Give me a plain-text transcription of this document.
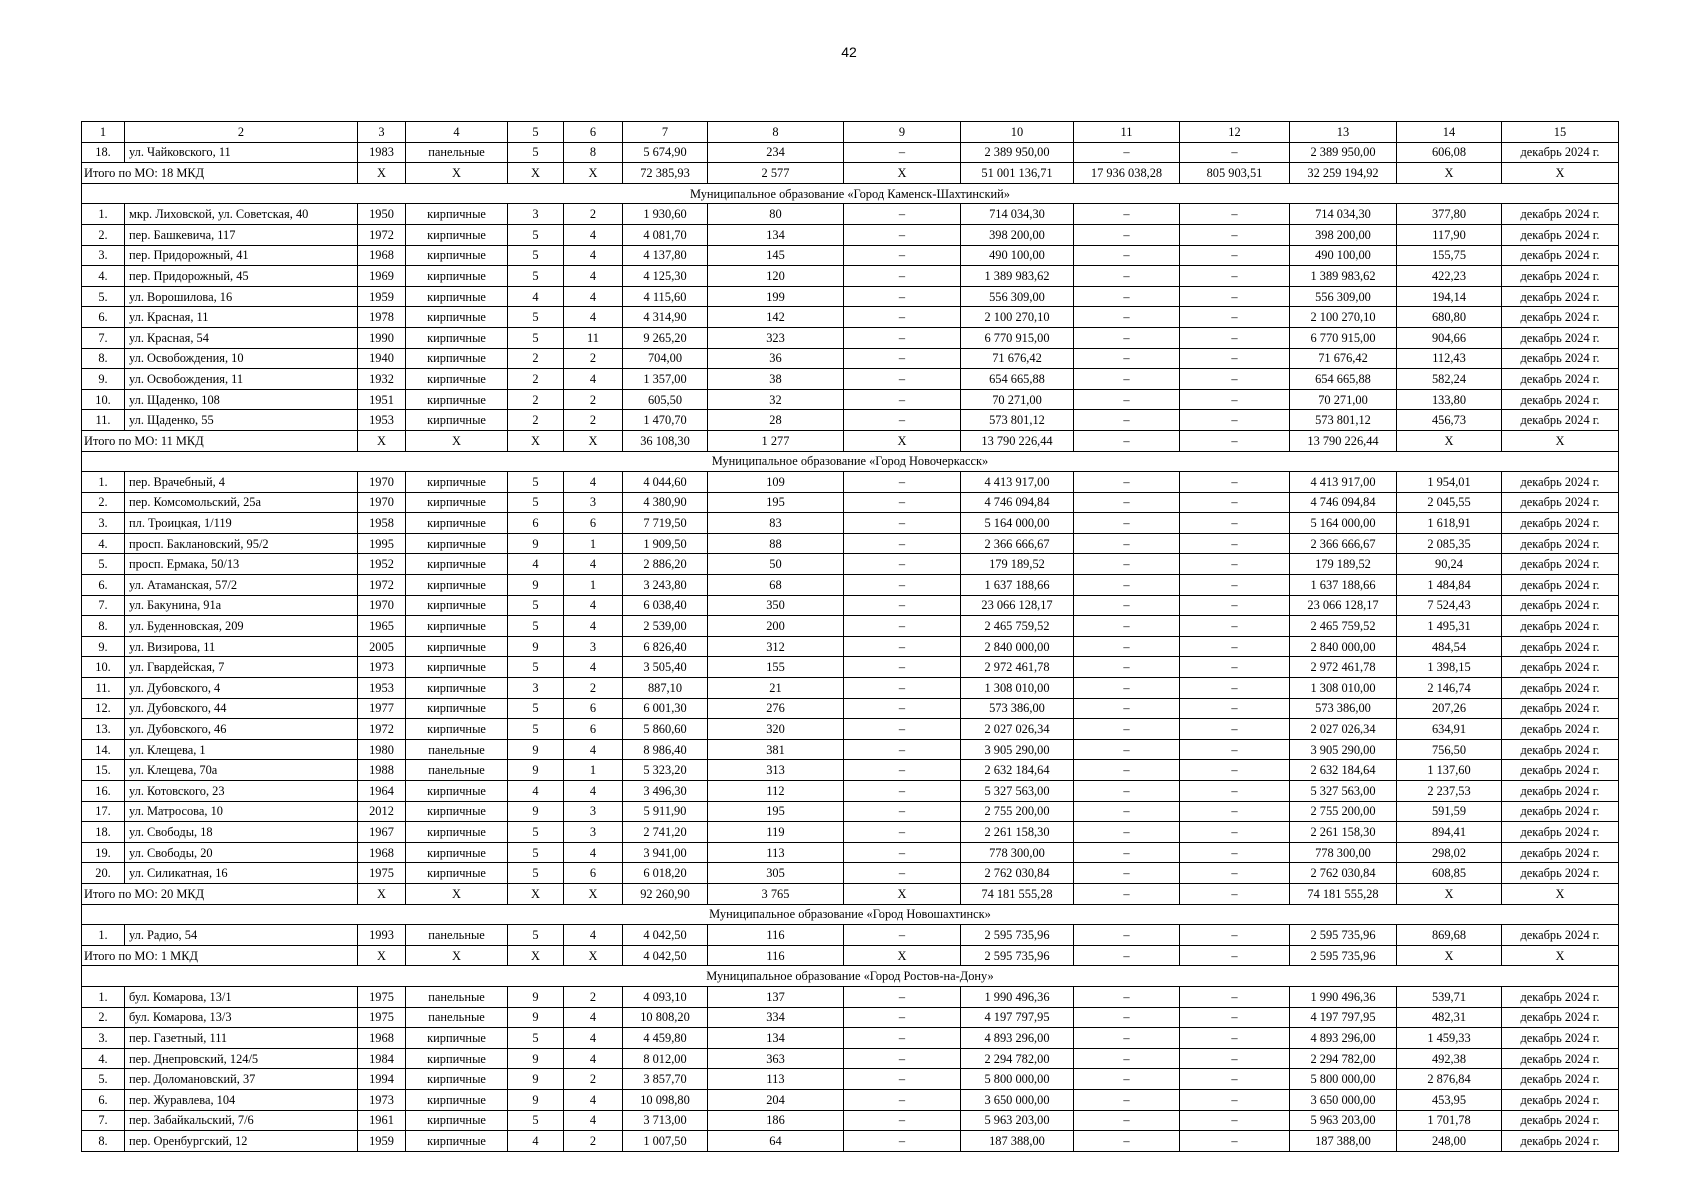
42
1	2	3	4	5	6	7	8	9	10	11	12	13	14	15
18.	ул. Чайковского, 11	1983	панельные	5	8	5 674,90	234	–	2 389 950,00	–	–	2 389 950,00	606,08	декабрь 2024 г.
Итого по МО: 18 МКД		X	X	X	X	72 385,93	2 577	X	51 001 136,71	17 936 038,28	805 903,51	32 259 194,92	X	X
Муниципальное образование «Город Каменск-Шахтинский»														
1.	мкр. Лиховской, ул. Советская, 40	1950	кирпичные	3	2	1 930,60	80	–	714 034,30	–	–	714 034,30	377,80	декабрь 2024 г.
2.	пер. Башкевича, 117	1972	кирпичные	5	4	4 081,70	134	–	398 200,00	–	–	398 200,00	117,90	декабрь 2024 г.
3.	пер. Придорожный, 41	1968	кирпичные	5	4	4 137,80	145	–	490 100,00	–	–	490 100,00	155,75	декабрь 2024 г.
4.	пер. Придорожный, 45	1969	кирпичные	5	4	4 125,30	120	–	1 389 983,62	–	–	1 389 983,62	422,23	декабрь 2024 г.
5.	ул. Ворошилова, 16	1959	кирпичные	4	4	4 115,60	199	–	556 309,00	–	–	556 309,00	194,14	декабрь 2024 г.
6.	ул. Красная, 11	1978	кирпичные	5	4	4 314,90	142	–	2 100 270,10	–	–	2 100 270,10	680,80	декабрь 2024 г.
7.	ул. Красная, 54	1990	кирпичные	5	11	9 265,20	323	–	6 770 915,00	–	–	6 770 915,00	904,66	декабрь 2024 г.
8.	ул. Освобождения, 10	1940	кирпичные	2	2	704,00	36	–	71 676,42	–	–	71 676,42	112,43	декабрь 2024 г.
9.	ул. Освобождения, 11	1932	кирпичные	2	4	1 357,00	38	–	654 665,88	–	–	654 665,88	582,24	декабрь 2024 г.
10.	ул. Щаденко, 108	1951	кирпичные	2	2	605,50	32	–	70 271,00	–	–	70 271,00	133,80	декабрь 2024 г.
11.	ул. Щаденко, 55	1953	кирпичные	2	2	1 470,70	28	–	573 801,12	–	–	573 801,12	456,73	декабрь 2024 г.
Итого по МО: 11 МКД		X	X	X	X	36 108,30	1 277	X	13 790 226,44	–	–	13 790 226,44	X	X
Муниципальное образование «Город Новочеркасск»														
1.	пер. Врачебный, 4	1970	кирпичные	5	4	4 044,60	109	–	4 413 917,00	–	–	4 413 917,00	1 954,01	декабрь 2024 г.
2.	пер. Комсомольский, 25а	1970	кирпичные	5	3	4 380,90	195	–	4 746 094,84	–	–	4 746 094,84	2 045,55	декабрь 2024 г.
3.	пл. Троицкая, 1/119	1958	кирпичные	6	6	7 719,50	83	–	5 164 000,00	–	–	5 164 000,00	1 618,91	декабрь 2024 г.
4.	просп. Баклановский, 95/2	1995	кирпичные	9	1	1 909,50	88	–	2 366 666,67	–	–	2 366 666,67	2 085,35	декабрь 2024 г.
5.	просп. Ермака, 50/13	1952	кирпичные	4	4	2 886,20	50	–	179 189,52	–	–	179 189,52	90,24	декабрь 2024 г.
6.	ул. Атаманская, 57/2	1972	кирпичные	9	1	3 243,80	68	–	1 637 188,66	–	–	1 637 188,66	1 484,84	декабрь 2024 г.
7.	ул. Бакунина, 91а	1970	кирпичные	5	4	6 038,40	350	–	23 066 128,17	–	–	23 066 128,17	7 524,43	декабрь 2024 г.
8.	ул. Буденновская, 209	1965	кирпичные	5	4	2 539,00	200	–	2 465 759,52	–	–	2 465 759,52	1 495,31	декабрь 2024 г.
9.	ул. Визирова, 11	2005	кирпичные	9	3	6 826,40	312	–	2 840 000,00	–	–	2 840 000,00	484,54	декабрь 2024 г.
10.	ул. Гвардейская, 7	1973	кирпичные	5	4	3 505,40	155	–	2 972 461,78	–	–	2 972 461,78	1 398,15	декабрь 2024 г.
11.	ул. Дубовского, 4	1953	кирпичные	3	2	887,10	21	–	1 308 010,00	–	–	1 308 010,00	2 146,74	декабрь 2024 г.
12.	ул. Дубовского, 44	1977	кирпичные	5	6	6 001,30	276	–	573 386,00	–	–	573 386,00	207,26	декабрь 2024 г.
13.	ул. Дубовского, 46	1972	кирпичные	5	6	5 860,60	320	–	2 027 026,34	–	–	2 027 026,34	634,91	декабрь 2024 г.
14.	ул. Клещева, 1	1980	панельные	9	4	8 986,40	381	–	3 905 290,00	–	–	3 905 290,00	756,50	декабрь 2024 г.
15.	ул. Клещева, 70а	1988	панельные	9	1	5 323,20	313	–	2 632 184,64	–	–	2 632 184,64	1 137,60	декабрь 2024 г.
16.	ул. Котовского, 23	1964	кирпичные	4	4	3 496,30	112	–	5 327 563,00	–	–	5 327 563,00	2 237,53	декабрь 2024 г.
17.	ул. Матросова, 10	2012	кирпичные	9	3	5 911,90	195	–	2 755 200,00	–	–	2 755 200,00	591,59	декабрь 2024 г.
18.	ул. Свободы, 18	1967	кирпичные	5	3	2 741,20	119	–	2 261 158,30	–	–	2 261 158,30	894,41	декабрь 2024 г.
19.	ул. Свободы, 20	1968	кирпичные	5	4	3 941,00	113	–	778 300,00	–	–	778 300,00	298,02	декабрь 2024 г.
20.	ул. Силикатная, 16	1975	кирпичные	5	6	6 018,20	305	–	2 762 030,84	–	–	2 762 030,84	608,85	декабрь 2024 г.
Итого по МО: 20 МКД		X	X	X	X	92 260,90	3 765	X	74 181 555,28	–	–	74 181 555,28	X	X
Муниципальное образование «Город Новошахтинск»														
1.	ул. Радио, 54	1993	панельные	5	4	4 042,50	116	–	2 595 735,96	–	–	2 595 735,96	869,68	декабрь 2024 г.
Итого по МО: 1 МКД		X	X	X	X	4 042,50	116	X	2 595 735,96	–	–	2 595 735,96	X	X
Муниципальное образование «Город Ростов-на-Дону»														
1.	бул. Комарова, 13/1	1975	панельные	9	2	4 093,10	137	–	1 990 496,36	–	–	1 990 496,36	539,71	декабрь 2024 г.
2.	бул. Комарова, 13/3	1975	панельные	9	4	10 808,20	334	–	4 197 797,95	–	–	4 197 797,95	482,31	декабрь 2024 г.
3.	пер. Газетный, 111	1968	кирпичные	5	4	4 459,80	134	–	4 893 296,00	–	–	4 893 296,00	1 459,33	декабрь 2024 г.
4.	пер. Днепровский, 124/5	1984	кирпичные	9	4	8 012,00	363	–	2 294 782,00	–	–	2 294 782,00	492,38	декабрь 2024 г.
5.	пер. Доломановский, 37	1994	кирпичные	9	2	3 857,70	113	–	5 800 000,00	–	–	5 800 000,00	2 876,84	декабрь 2024 г.
6.	пер. Журавлева, 104	1973	кирпичные	9	4	10 098,80	204	–	3 650 000,00	–	–	3 650 000,00	453,95	декабрь 2024 г.
7.	пер. Забайкальский, 7/6	1961	кирпичные	5	4	3 713,00	186	–	5 963 203,00	–	–	5 963 203,00	1 701,78	декабрь 2024 г.
8.	пер. Оренбургский, 12	1959	кирпичные	4	2	1 007,50	64	–	187 388,00	–	–	187 388,00	248,00	декабрь 2024 г.
